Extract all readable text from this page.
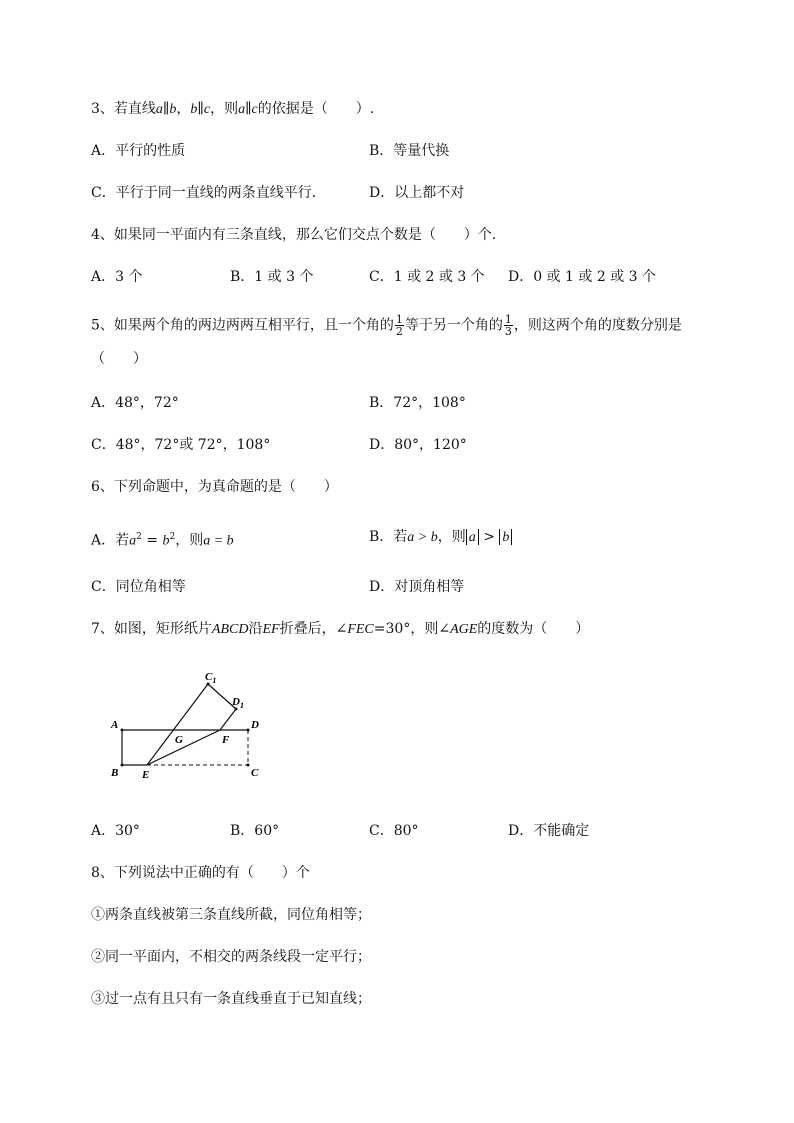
3、若直线a∥b，b∥c，则a∥c的依据是（　　）.
A．平行的性质	B．等量代换
C．平行于同一直线的两条直线平行．	D．以上都不对
4、如果同一平面内有三条直线，那么它们交点个数是（　　）个．
A．3 个	B．1 或 3 个	C．1 或 2 或 3 个 D．0 或 1 或 2 或 3 个
5、如果两个角的两边两两互相平行，且一个角的 $\frac{1}{2}$ 等于另一个角的 $\frac{1}{3}$ ，则这两个角的度数分别是
（　　）
A．48°，72°	B．72°，108°
C．48°，72°或 72°，108°	D．80°，120°
6、下列命题中，为真命题的是（　　）
A．若$a^2 = b^2$，则a = b	B．若a > b，则 a > b
C．同位角相等	D．对顶角相等
7、如图，矩形纸片ABCD沿EF折叠后，∠FEC=30°，则∠AGE的度数为（　　）
A
B E	C
D
G	F
$C_1$
$D_1$
A．30°	B．60°	C．80°	D．不能确定
8、下列说法中正确的有（　　）个
①两条直线被第三条直线所截，同位角相等；
②同一平面内，不相交的两条线段一定平行；
③过一点有且只有一条直线垂直于已知直线；
